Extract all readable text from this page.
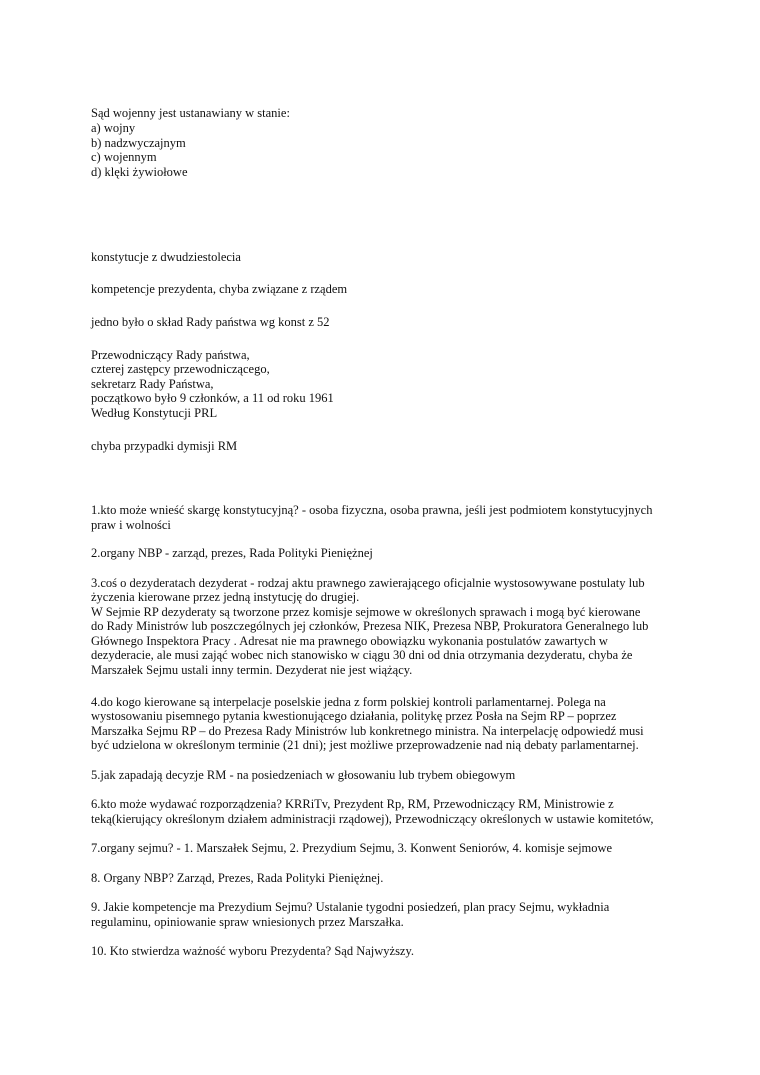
Sąd wojenny jest ustanawiany w stanie:
a) wojny
b) nadzwyczajnym
c) wojennym
d) klęki żywiołowe
konstytucje z dwudziestolecia
kompetencje prezydenta, chyba związane z rządem
jedno było o skład Rady państwa wg konst z 52
Przewodniczący Rady państwa,
czterej zastępcy przewodniczącego,
sekretarz Rady Państwa,
początkowo było 9 członków, a 11 od roku 1961
Według Konstytucji PRL
chyba przypadki dymisji RM
1.kto może wnieść skargę konstytucyjną? - osoba fizyczna, osoba prawna, jeśli jest podmiotem konstytucyjnych
praw i wolności
2.organy NBP - zarząd, prezes, Rada Polityki Pieniężnej
3.coś o dezyderatach dezyderat - rodzaj aktu prawnego zawierającego oficjalnie wystosowywane postulaty lub
życzenia kierowane przez jedną instytucję do drugiej.
W Sejmie RP dezyderaty są tworzone przez komisje sejmowe w określonych sprawach i mogą być kierowane
do Rady Ministrów lub poszczególnych jej członków, Prezesa NIK, Prezesa NBP, Prokuratora Generalnego lub
Głównego Inspektora Pracy . Adresat nie ma prawnego obowiązku wykonania postulatów zawartych w
dezyderacie, ale musi zająć wobec nich stanowisko w ciągu 30 dni od dnia otrzymania dezyderatu, chyba że
Marszałek Sejmu ustali inny termin. Dezyderat nie jest wiążący.
4.do kogo kierowane są interpelacje poselskie jedna z form polskiej kontroli parlamentarnej. Polega na
wystosowaniu pisemnego pytania kwestionującego działania, politykę przez Posła na Sejm RP – poprzez
Marszałka Sejmu RP – do Prezesa Rady Ministrów lub konkretnego ministra. Na interpelację odpowiedź musi
być udzielona w określonym terminie (21 dni); jest możliwe przeprowadzenie nad nią debaty parlamentarnej.
5.jak zapadają decyzje RM - na posiedzeniach w głosowaniu lub trybem obiegowym
6.kto może wydawać rozporządzenia? KRRiTv, Prezydent Rp, RM, Przewodniczący RM, Ministrowie z
teką(kierujący określonym działem administracji rządowej), Przewodniczący określonych w ustawie komitetów,
7.organy sejmu? - 1. Marszałek Sejmu, 2. Prezydium Sejmu, 3. Konwent Seniorów, 4. komisje sejmowe
8. Organy NBP? Zarząd, Prezes, Rada Polityki Pieniężnej.
9. Jakie kompetencje ma Prezydium Sejmu? Ustalanie tygodni posiedzeń, plan pracy Sejmu, wykładnia
regulaminu, opiniowanie spraw wniesionych przez Marszałka.
10. Kto stwierdza ważność wyboru Prezydenta? Sąd Najwyższy.
